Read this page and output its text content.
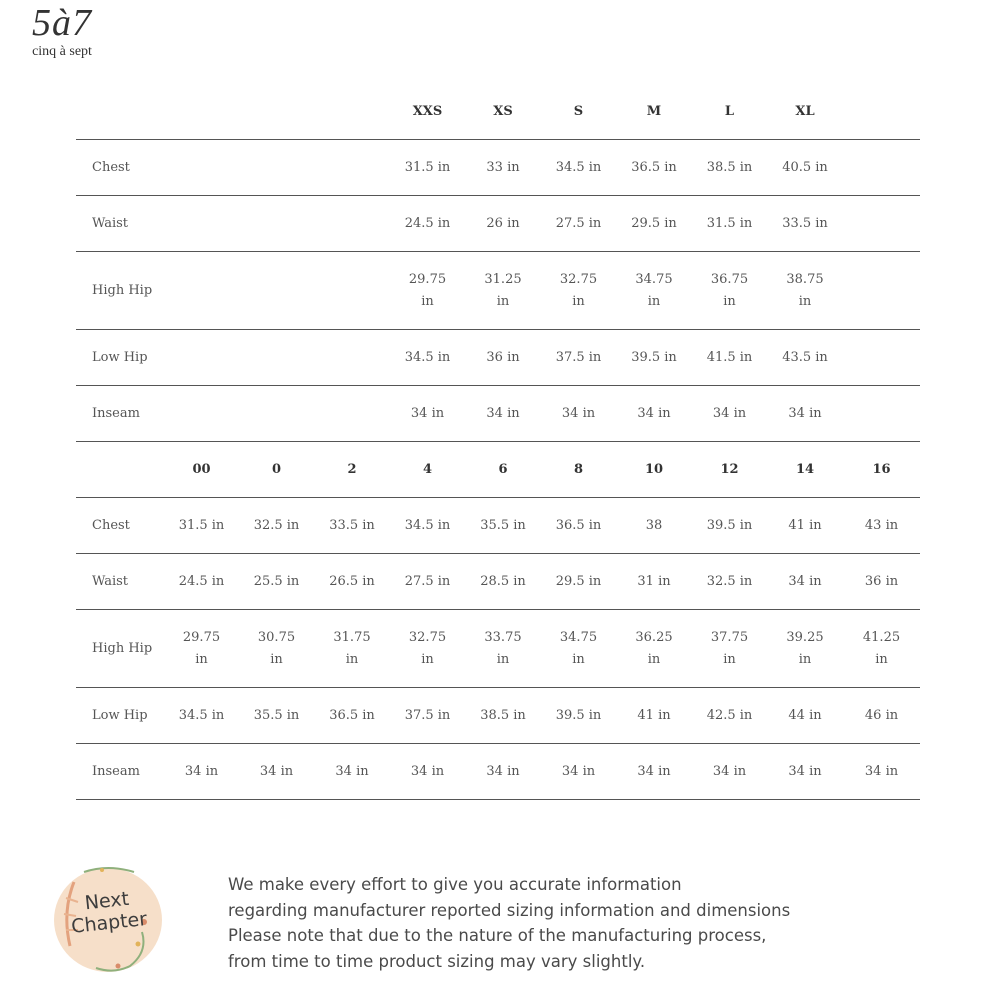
5à7
cinq à sept
				XXS	XS	S	M	L	XL	
Chest				31.5 in	33 in	34.5 in	36.5 in	38.5 in	40.5 in	
Waist				24.5 in	26 in	27.5 in	29.5 in	31.5 in	33.5 in	
High Hip				29.75 in	31.25 in	32.75 in	34.75 in	36.75 in	38.75 in	
Low Hip				34.5 in	36 in	37.5 in	39.5 in	41.5 in	43.5 in	
Inseam				34 in	34 in	34 in	34 in	34 in	34 in	
	00	0	2	4	6	8	10	12	14	16
Chest	31.5 in	32.5 in	33.5 in	34.5 in	35.5 in	36.5 in	38	39.5 in	41 in	43 in
Waist	24.5 in	25.5 in	26.5 in	27.5 in	28.5 in	29.5 in	31 in	32.5 in	34 in	36 in
High Hip	29.75 in	30.75 in	31.75 in	32.75 in	33.75 in	34.75 in	36.25 in	37.75 in	39.25 in	41.25 in
Low Hip	34.5 in	35.5 in	36.5 in	37.5 in	38.5 in	39.5 in	41 in	42.5 in	44 in	46 in
Inseam	34 in	34 in	34 in	34 in	34 in	34 in	34 in	34 in	34 in	34 in
Next
Chapter
We make every effort to give you accurate information
regarding manufacturer reported sizing information and dimensions
Please note that due to the nature of the manufacturing process,
from time to time product sizing may vary slightly.
